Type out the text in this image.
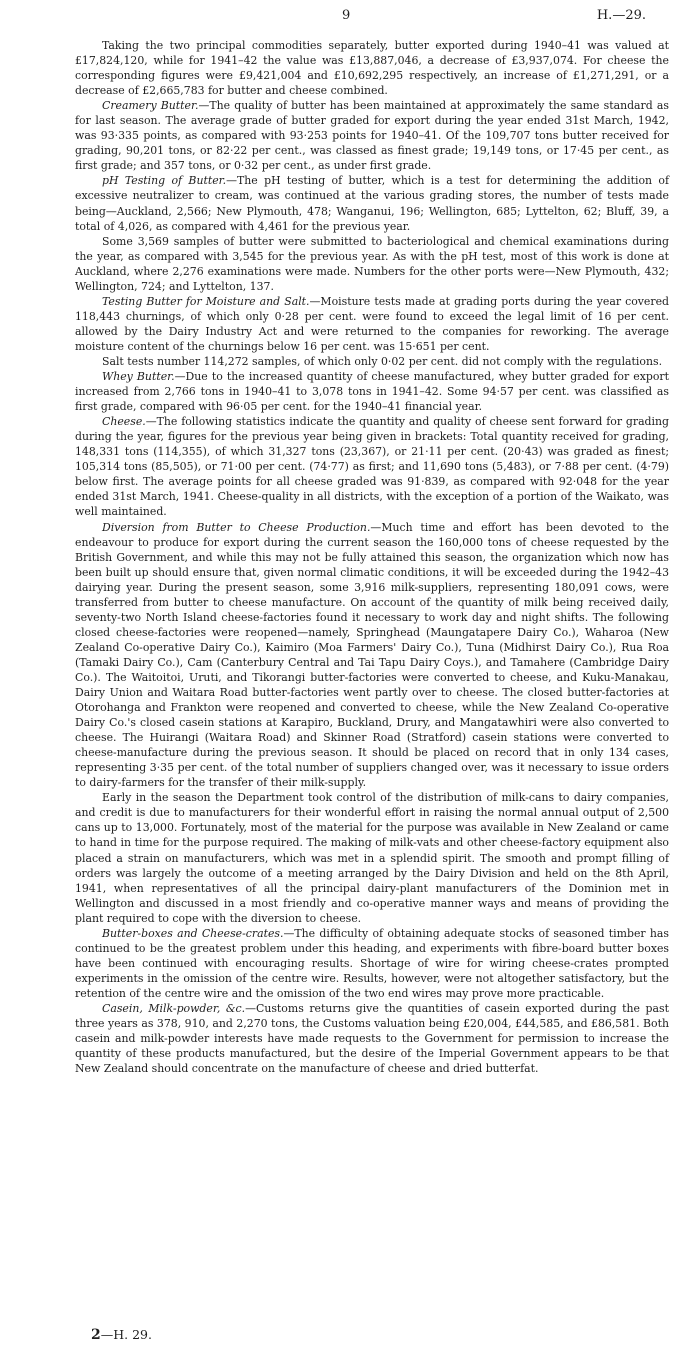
9	H.—29.

Taking the two principal commodities separately, butter exported during 1940–41 was valued at £17,824,120, while for 1941–42 the value was £13,887,046, a decrease of £3,937,074. For cheese the corresponding figures were £9,421,004 and £10,692,295 respectively, an increase of £1,271,291, or a decrease of £2,665,783 for butter and cheese combined.

Creamery Butter.—The quality of butter has been maintained at approximately the same standard as for last season. The average grade of butter graded for export during the year ended 31st March, 1942, was 93·335 points, as compared with 93·253 points for 1940–41. Of the 109,707 tons butter received for grading, 90,201 tons, or 82·22 per cent., was classed as finest grade; 19,149 tons, or 17·45 per cent., as first grade; and 357 tons, or 0·32 per cent., as under first grade.

pH Testing of Butter.—The pH testing of butter, which is a test for determining the addition of excessive neutralizer to cream, was continued at the various grading stores, the number of tests made being—Auckland, 2,566; New Plymouth, 478; Wanganui, 196; Wellington, 685; Lyttelton, 62; Bluff, 39, a total of 4,026, as compared with 4,461 for the previous year.

Some 3,569 samples of butter were submitted to bacteriological and chemical examinations during the year, as compared with 3,545 for the previous year. As with the pH test, most of this work is done at Auckland, where 2,276 examinations were made. Numbers for the other ports were—New Plymouth, 432; Wellington, 724; and Lyttelton, 137.

Testing Butter for Moisture and Salt.—Moisture tests made at grading ports during the year covered 118,443 churnings, of which only 0·28 per cent. were found to exceed the legal limit of 16 per cent. allowed by the Dairy Industry Act and were returned to the companies for reworking. The average moisture content of the churnings below 16 per cent. was 15·651 per cent.

Salt tests number 114,272 samples, of which only 0·02 per cent. did not comply with the regulations.

Whey Butter.—Due to the increased quantity of cheese manufactured, whey butter graded for export increased from 2,766 tons in 1940–41 to 3,078 tons in 1941–42. Some 94·57 per cent. was classified as first grade, compared with 96·05 per cent. for the 1940–41 financial year.

Cheese.—The following statistics indicate the quantity and quality of cheese sent forward for grading during the year, figures for the previous year being given in brackets: Total quantity received for grading, 148,331 tons (114,355), of which 31,327 tons (23,367), or 21·11 per cent. (20·43) was graded as finest; 105,314 tons (85,505), or 71·00 per cent. (74·77) as first; and 11,690 tons (5,483), or 7·88 per cent. (4·79) below first. The average points for all cheese graded was 91·839, as compared with 92·048 for the year ended 31st March, 1941. Cheese-quality in all districts, with the exception of a portion of the Waikato, was well maintained.

Diversion from Butter to Cheese Production.—Much time and effort has been devoted to the endeavour to produce for export during the current season the 160,000 tons of cheese requested by the British Government, and while this may not be fully attained this season, the organization which now has been built up should ensure that, given normal climatic conditions, it will be exceeded during the 1942–43 dairying year. During the present season, some 3,916 milk-suppliers, representing 180,091 cows, were transferred from butter to cheese manufacture. On account of the quantity of milk being received daily, seventy-two North Island cheese-factories found it necessary to work day and night shifts. The following closed cheese-factories were reopened—namely, Springhead (Maungatapere Dairy Co.), Waharoa (New Zealand Co-operative Dairy Co.), Kaimiro (Moa Farmers' Dairy Co.), Tuna (Midhirst Dairy Co.), Rua Roa (Tamaki Dairy Co.), Cam (Canterbury Central and Tai Tapu Dairy Coys.), and Tamahere (Cambridge Dairy Co.). The Waitoitoi, Uruti, and Tikorangi butter-factories were converted to cheese, and Kuku-Manakau, Dairy Union and Waitara Road butter-factories went partly over to cheese. The closed butter-factories at Otorohanga and Frankton were reopened and converted to cheese, while the New Zealand Co-operative Dairy Co.'s closed casein stations at Karapiro, Buckland, Drury, and Mangatawhiri were also converted to cheese. The Huirangi (Waitara Road) and Skinner Road (Stratford) casein stations were converted to cheese-manufacture during the previous season. It should be placed on record that in only 134 cases, representing 3·35 per cent. of the total number of suppliers changed over, was it necessary to issue orders to dairy-farmers for the transfer of their milk-supply.

Early in the season the Department took control of the distribution of milk-cans to dairy companies, and credit is due to manufacturers for their wonderful effort in raising the normal annual output of 2,500 cans up to 13,000. Fortunately, most of the material for the purpose was available in New Zealand or came to hand in time for the purpose required. The making of milk-vats and other cheese-factory equipment also placed a strain on manufacturers, which was met in a splendid spirit. The smooth and prompt filling of orders was largely the outcome of a meeting arranged by the Dairy Division and held on the 8th April, 1941, when representatives of all the principal dairy-plant manufacturers of the Dominion met in Wellington and discussed in a most friendly and co-operative manner ways and means of providing the plant required to cope with the diversion to cheese.

Butter-boxes and Cheese-crates.—The difficulty of obtaining adequate stocks of seasoned timber has continued to be the greatest problem under this heading, and experiments with fibre-board butter boxes have been continued with encouraging results. Shortage of wire for wiring cheese-crates prompted experiments in the omission of the centre wire. Results, however, were not altogether satisfactory, but the retention of the centre wire and the omission of the two end wires may prove more practicable.

Casein, Milk-powder, &c.—Customs returns give the quantities of casein exported during the past three years as 378, 910, and 2,270 tons, the Customs valuation being £20,004, £44,585, and £86,581. Both casein and milk-powder interests have made requests to the Government for permission to increase the quantity of these products manufactured, but the desire of the Imperial Government appears to be that New Zealand should concentrate on the manufacture of cheese and dried butterfat.

2—H. 29.
